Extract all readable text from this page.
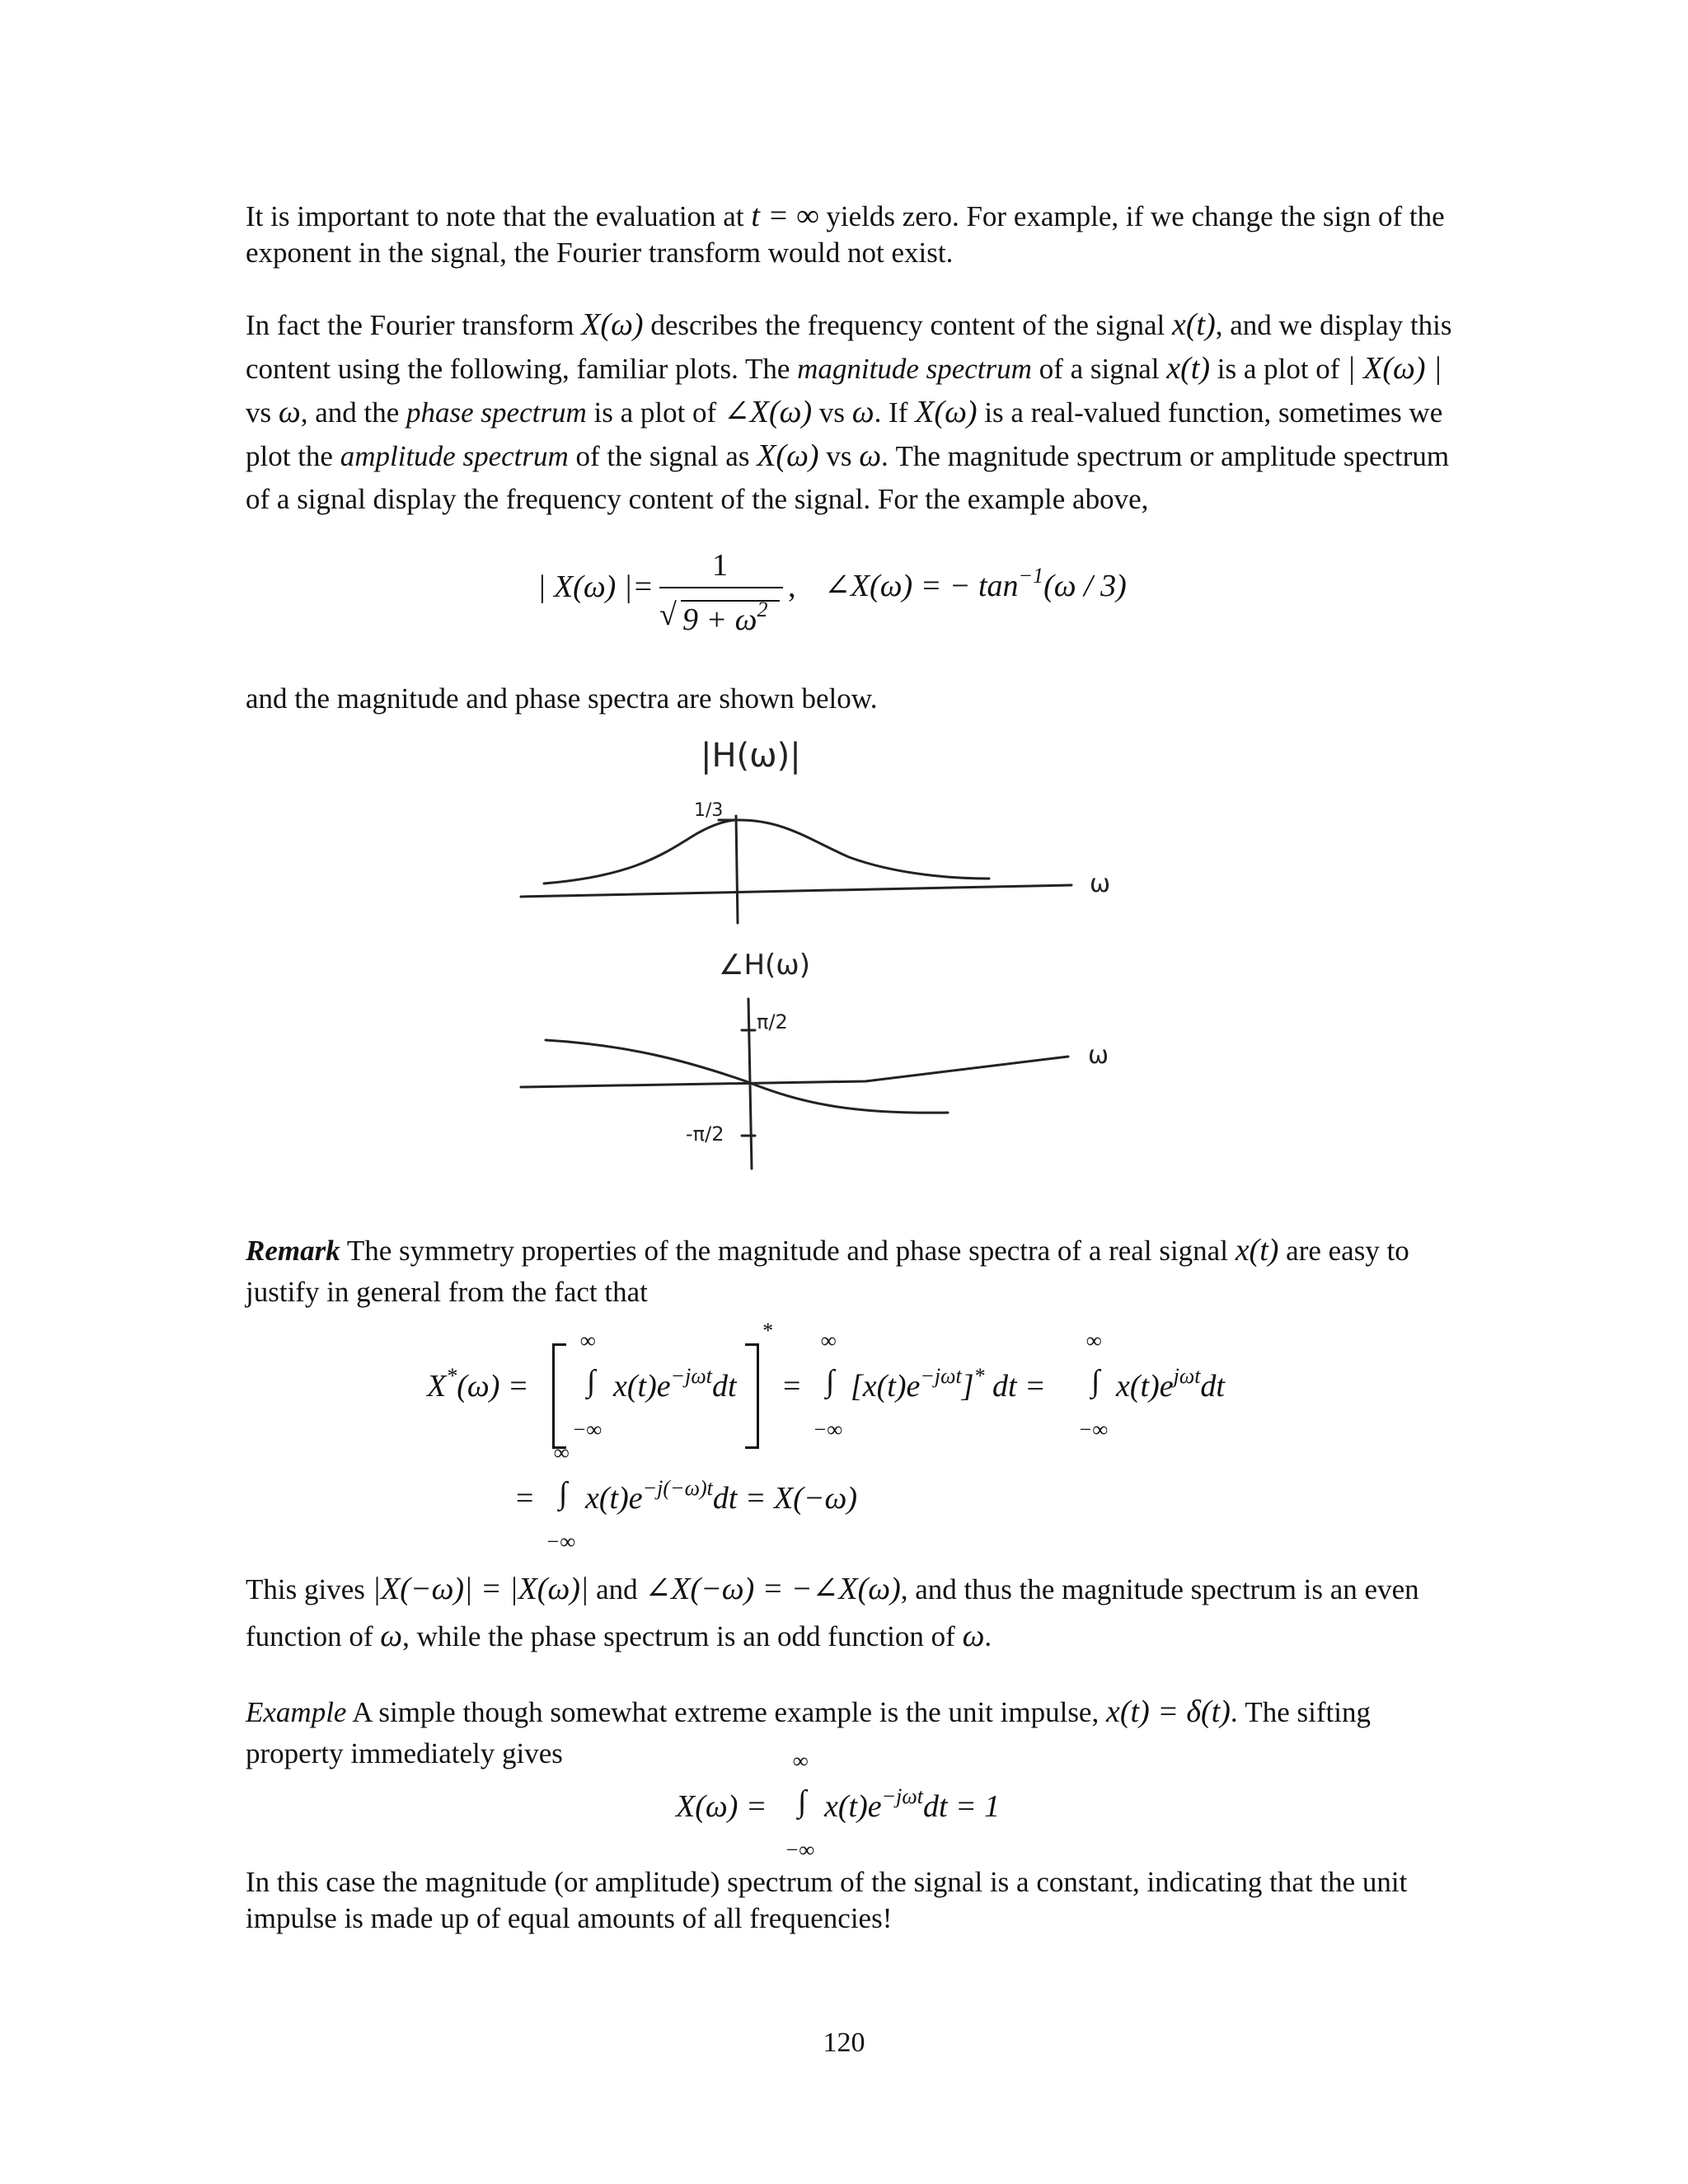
It is important to note that the evaluation at t = ∞ yields zero. For example, if we change the sign of the exponent in the signal, the Fourier transform would not exist.

In fact the Fourier transform X(ω) describes the frequency content of the signal x(t), and we display this content using the following, familiar plots. The magnitude spectrum of a signal x(t) is a plot of | X(ω) | vs ω, and the phase spectrum is a plot of ∠X(ω) vs ω. If X(ω) is a real-valued function, sometimes we plot the amplitude spectrum of the signal as X(ω) vs ω. The magnitude spectrum or amplitude spectrum of a signal display the frequency content of the signal. For the example above,

| X(ω) |=
1
√ $9 + \omega^2$
, ∠X(ω) = − $\tan^{-1}(\omega / 3)$

and the magnitude and phase spectra are shown below.

|H(ω)|
1/3
ω
∠H(ω)
π/2
-π/2
ω

Remark The symmetry properties of the magnitude and phase spectra of a real signal x(t) are easy to justify in general from the fact that

X*(ω) =
∞
∫
−∞
$x(t)e^{-j\omega t}dt$
*
=
∞
∫
−∞
$[x(t)e^{-j\omega t}]^*$ dt =
∞
∫
−∞
$x(t)e^{j\omega t}dt$
=
∞
∫
−∞
$x(t)e^{-j(-\omega)t}dt = X(-\omega)$

This gives |X(−ω)| = |X(ω)| and ∠X(−ω) = −∠X(ω), and thus the magnitude spectrum is an even function of ω, while the phase spectrum is an odd function of ω.

Example A simple though somewhat extreme example is the unit impulse, x(t) = δ(t). The sifting property immediately gives

X(ω) =
∞
∫
−∞
$x(t)e^{-j\omega t}dt = 1$

In this case the magnitude (or amplitude) spectrum of the signal is a constant, indicating that the unit impulse is made up of equal amounts of all frequencies!

120
